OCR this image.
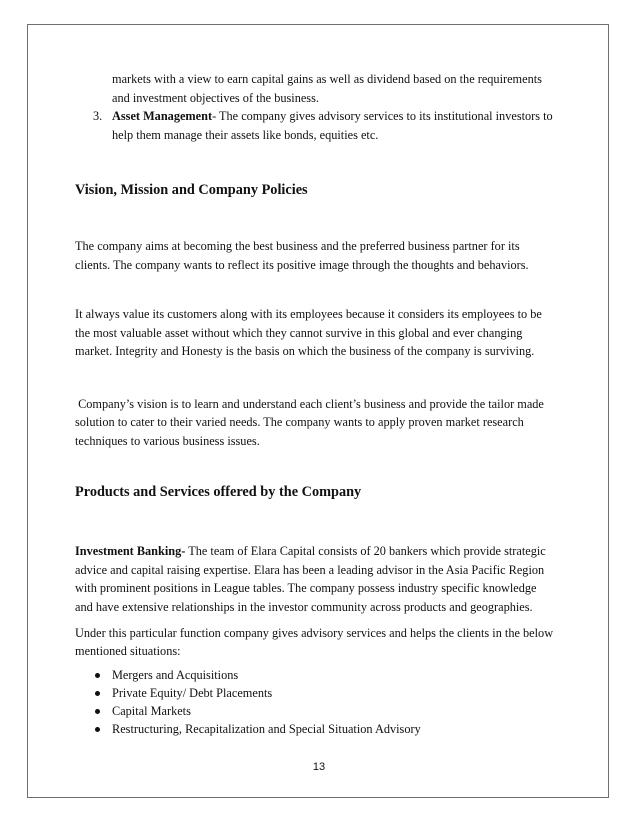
markets with a view to earn capital gains as well as dividend based on the requirements
and investment objectives of the business.
3. Asset Management- The company gives advisory services to its institutional investors to
help them manage their assets like bonds, equities etc.
Vision, Mission and Company Policies
The company aims at becoming the best business and the preferred business partner for its
clients. The company wants to reflect its positive image through the thoughts and behaviors.
It always value its customers along with its employees because it considers its employees to be
the most valuable asset without which they cannot survive in this global and ever changing
market. Integrity and Honesty is the basis on which the business of the company is surviving.
Company’s vision is to learn and understand each client’s business and provide the tailor made
solution to cater to their varied needs. The company wants to apply proven market research
techniques to various business issues.
Products and Services offered by the Company
Investment Banking- The team of Elara Capital consists of 20 bankers which provide strategic
advice and capital raising expertise. Elara has been a leading advisor in the Asia Pacific Region
with prominent positions in League tables. The company possess industry specific knowledge
and have extensive relationships in the investor community across products and geographies.
Under this particular function company gives advisory services and helps the clients in the below
mentioned situations:
Mergers and Acquisitions
Private Equity/ Debt Placements
Capital Markets
Restructuring, Recapitalization and Special Situation Advisory
13
